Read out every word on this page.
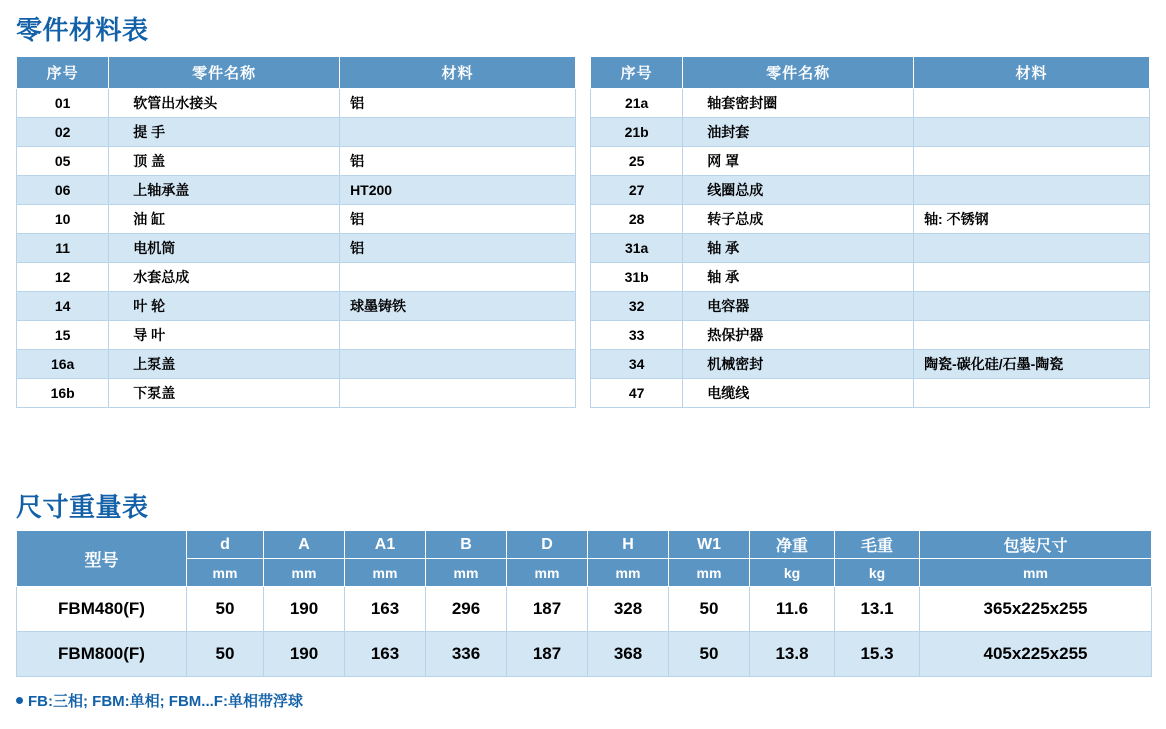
零件材料表
序号	零件名称	材料
01	软管出水接头	铝
02	提 手	
05	顶 盖	铝
06	上轴承盖	HT200
10	油 缸	铝
11	电机筒	铝
12	水套总成	
14	叶 轮	球墨铸铁
15	导 叶	
16a	上泵盖	
16b	下泵盖	
序号	零件名称	材料
21a	轴套密封圈	
21b	油封套	
25	网 罩	
27	线圈总成	
28	转子总成	轴: 不锈钢
31a	轴 承	
31b	轴 承	
32	电容器	
33	热保护器	
34	机械密封	陶瓷-碳化硅/石墨-陶瓷
47	电缆线	
尺寸重量表
型号	d	A	A1	B	D	H	W1	净重	毛重	包装尺寸
	mm	mm	mm	mm	mm	mm	mm	kg	kg	mm
FBM480(F)	50	190	163	296	187	328	50	11.6	13.1	365x225x255
FBM800(F)	50	190	163	336	187	368	50	13.8	15.3	405x225x255
FB:三相; FBM:单相; FBM...F:单相带浮球
